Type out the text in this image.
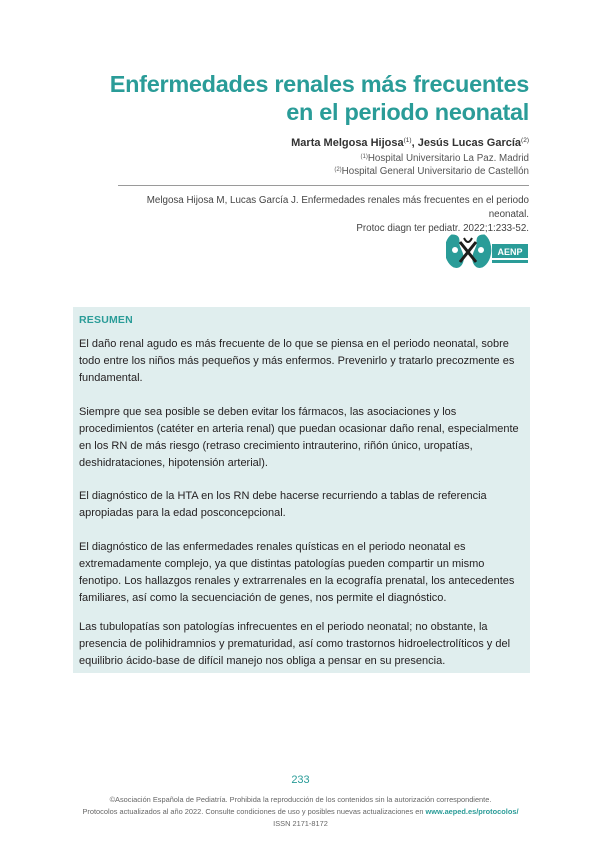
Enfermedades renales más frecuentes
en el periodo neonatal
Marta Melgosa Hijosa$^{(1)}$, Jesús Lucas García$^{(2)}$
$^{(1)}$Hospital Universitario La Paz. Madrid
$^{(2)}$Hospital General Universitario de Castellón
Melgosa Hijosa M, Lucas García J. Enfermedades renales más frecuentes en el periodo neonatal.
Protoc diagn ter pediatr. 2022;1:233-52.
AENP
RESUMEN

El daño renal agudo es más frecuente de lo que se piensa en el periodo neonatal, sobre todo entre los niños más pequeños y más enfermos. Prevenirlo y tratarlo precozmente es fundamental.

Siempre que sea posible se deben evitar los fármacos, las asociaciones y los procedimientos (catéter en arteria renal) que puedan ocasionar daño renal, especialmente en los RN de más riesgo (retraso crecimiento intrauterino, riñón único, uropatías, deshidrataciones, hipotensión arterial).

El diagnóstico de la HTA en los RN debe hacerse recurriendo a tablas de referencia apropiadas para la edad posconcepcional.

El diagnóstico de las enfermedades renales quísticas en el periodo neonatal es extremadamente complejo, ya que distintas patologías pueden compartir un mismo fenotipo. Los hallazgos renales y extrarrenales en la ecografía prenatal, los antecedentes familiares, así como la secuenciación de genes, nos permite el diagnóstico.

Las tubulopatías son patologías infrecuentes en el periodo neonatal; no obstante, la presencia de polihidramnios y prematuridad, así como trastornos hidroelectrolíticos y del equilibrio ácido-base de difícil manejo nos obliga a pensar en su presencia.

233
©Asociación Española de Pediatría. Prohibida la reproducción de los contenidos sin la autorización correspondiente.
Protocolos actualizados al año 2022. Consulte condiciones de uso y posibles nuevas actualizaciones en www.aeped.es/protocolos/
ISSN 2171-8172
